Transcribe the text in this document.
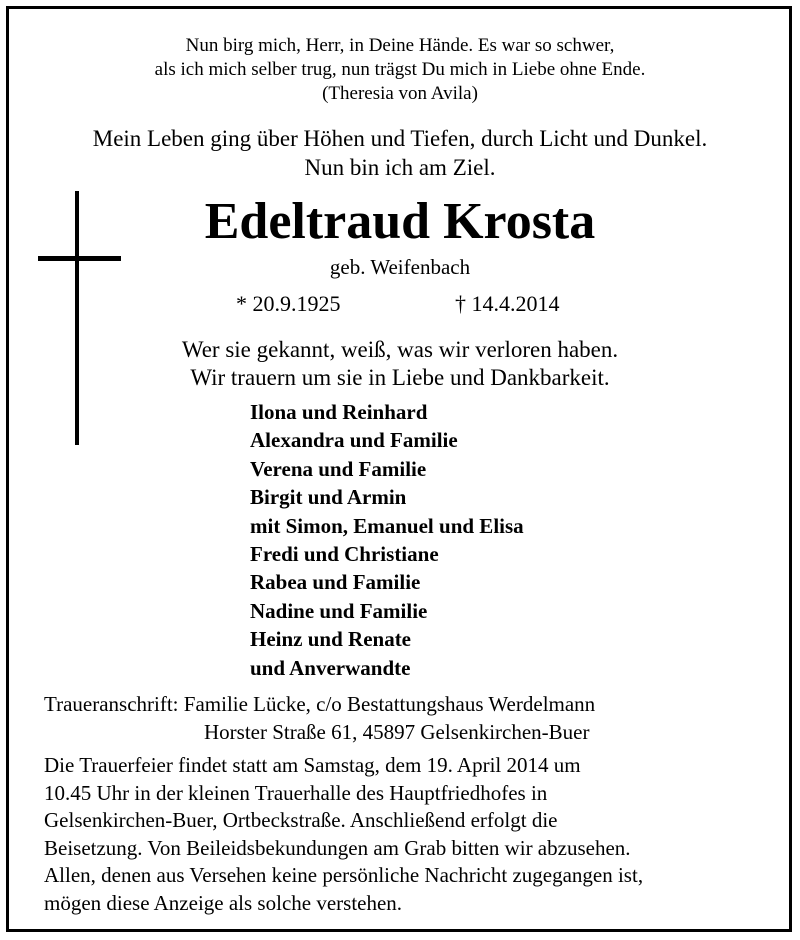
Nun birg mich, Herr, in Deine Hände. Es war so schwer,
als ich mich selber trug, nun trägst Du mich in Liebe ohne Ende.
(Theresia von Avila)
Mein Leben ging über Höhen und Tiefen, durch Licht und Dunkel.
Nun bin ich am Ziel.
Edeltraud Krosta
geb. Weifenbach
* 20.9.1925	† 14.4.2014
Wer sie gekannt, weiß, was wir verloren haben.
Wir trauern um sie in Liebe und Dankbarkeit.
Ilona und Reinhard
Alexandra und Familie
Verena und Familie
Birgit und Armin
mit Simon, Emanuel und Elisa
Fredi und Christiane
Rabea und Familie
Nadine und Familie
Heinz und Renate
und Anverwandte
Traueranschrift: Familie Lücke, c/o Bestattungshaus Werdelmann
Horster Straße 61, 45897 Gelsenkirchen-Buer
Die Trauerfeier findet statt am Samstag, dem 19. April 2014 um
10.45 Uhr in der kleinen Trauerhalle des Hauptfriedhofes in
Gelsenkirchen-Buer, Ortbeckstraße. Anschließend erfolgt die
Beisetzung. Von Beileidsbekundungen am Grab bitten wir abzusehen.
Allen, denen aus Versehen keine persönliche Nachricht zugegangen ist,
mögen diese Anzeige als solche verstehen.
